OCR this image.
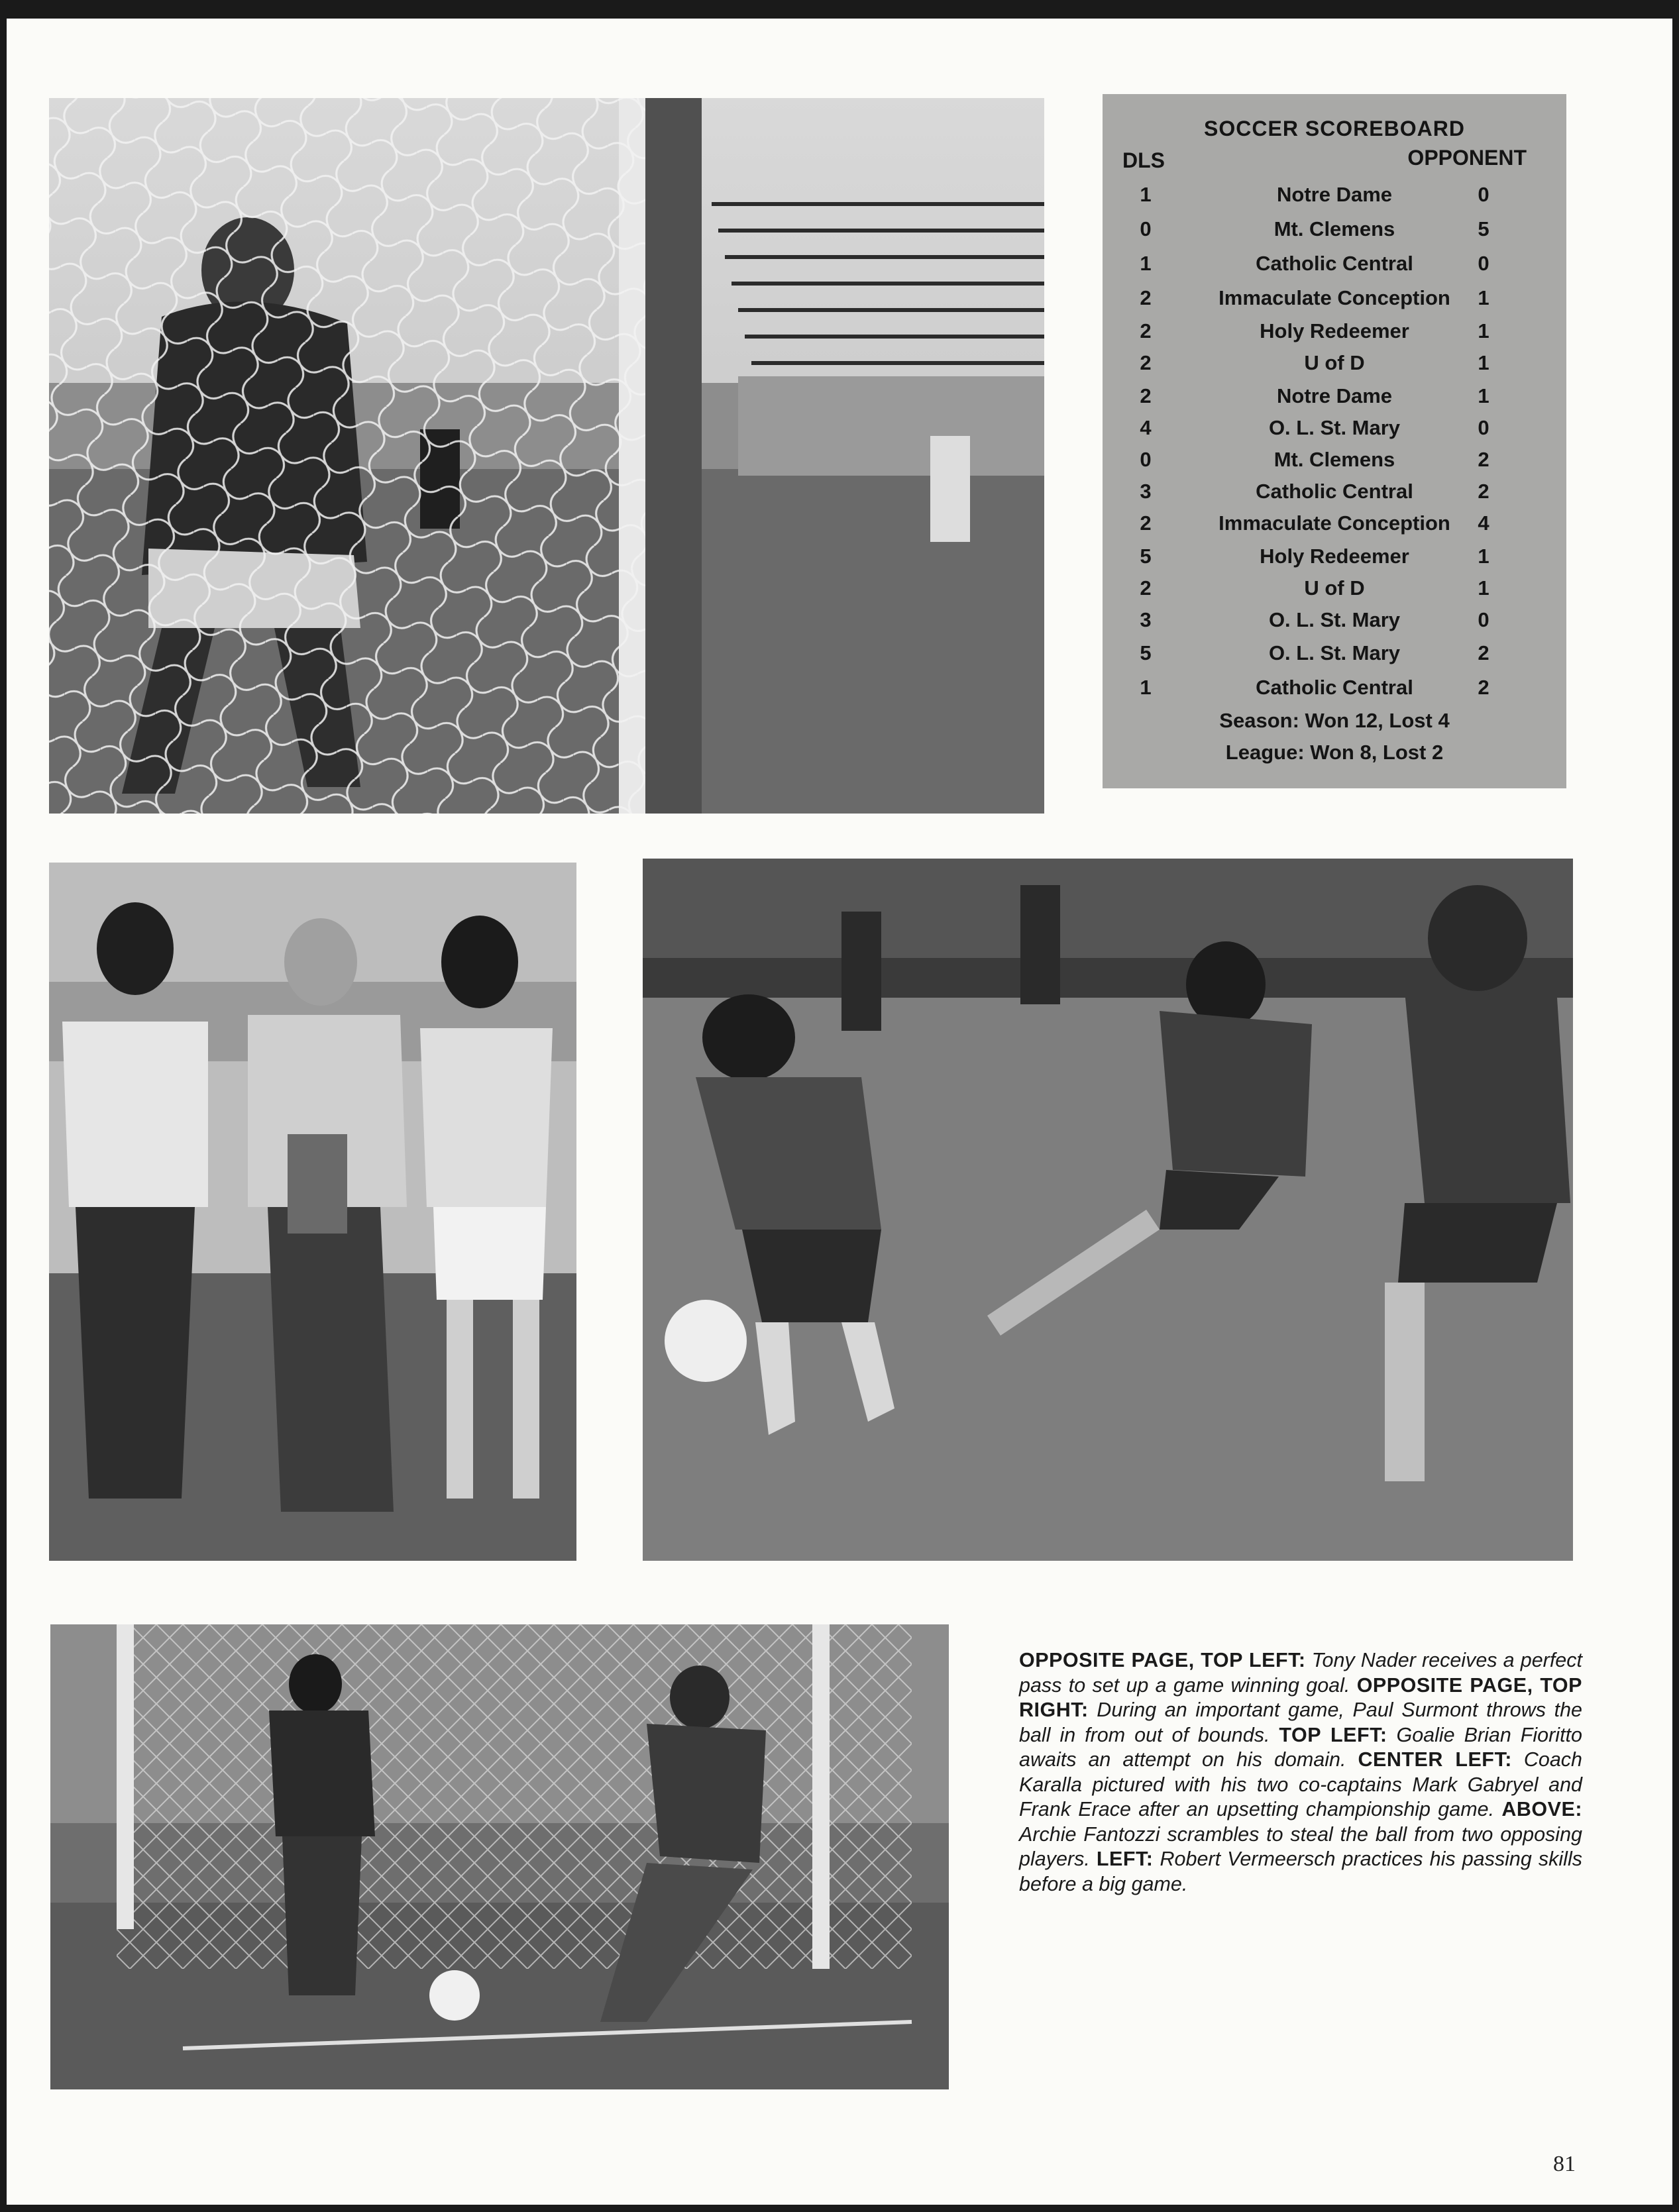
SOCCER SCOREBOARD
DLS	OPPONENT
1	Notre Dame	0
0	Mt. Clemens	5
1	Catholic Central	0
2	Immaculate Conception	1
2	Holy Redeemer	1
2	U of D	1
2	Notre Dame	1
4	O. L. St. Mary	0
0	Mt. Clemens	2
3	Catholic Central	2
2	Immaculate Conception	4
5	Holy Redeemer	1
2	U of D	1
3	O. L. St. Mary	0
5	O. L. St. Mary	2
1	Catholic Central	2
Season: Won 12, Lost 4
League: Won 8, Lost 2
OPPOSITE PAGE, TOP LEFT: Tony Nader receives a perfect pass to set up a game winning goal. OPPOSITE PAGE, TOP RIGHT: During an important game, Paul Surmont throws the ball in from out of bounds. TOP LEFT: Goalie Brian Fioritto awaits an attempt on his domain. CENTER LEFT: Coach Karalla pictured with his two co-captains Mark Gabryel and Frank Erace after an upsetting championship game. ABOVE: Archie Fantozzi scrambles to steal the ball from two opposing players. LEFT: Robert Vermeersch practices his passing skills before a big game.
81
